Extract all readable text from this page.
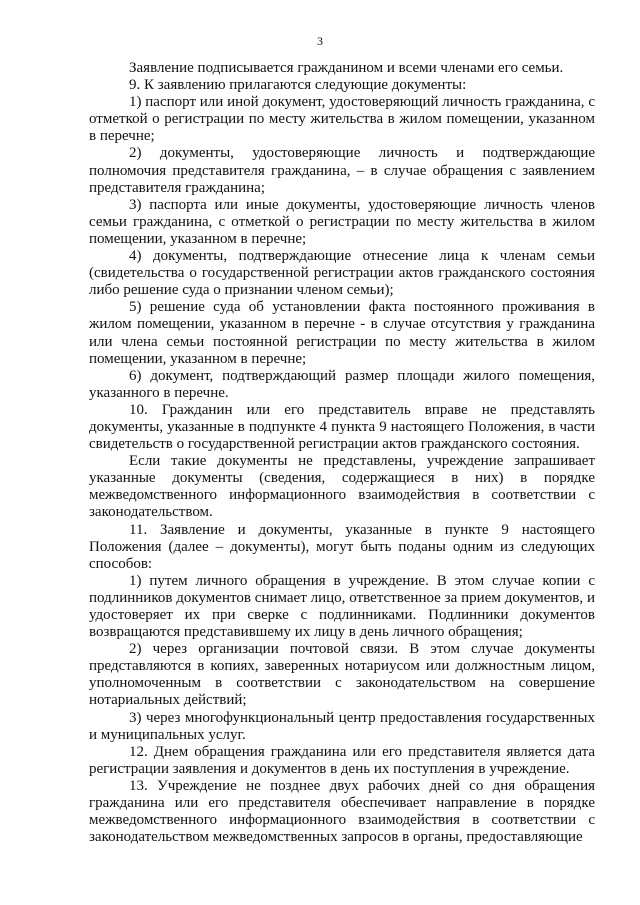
3

Заявление подписывается гражданином и всеми членами его семьи.

9. К заявлению прилагаются следующие документы:

1) паспорт или иной документ, удостоверяющий личность гражданина, с отметкой о регистрации по месту жительства в жилом помещении, указанном в перечне;

2) документы, удостоверяющие личность и подтверждающие полномочия представителя гражданина, – в случае обращения с заявлением представителя гражданина;

3) паспорта или иные документы, удостоверяющие личность членов семьи гражданина, с отметкой о регистрации по месту жительства в жилом помещении, указанном в перечне;

4) документы, подтверждающие отнесение лица к членам семьи (свидетельства о государственной регистрации актов гражданского состояния либо решение суда о признании членом семьи);

5) решение суда об установлении факта постоянного проживания в жилом помещении, указанном в перечне - в случае отсутствия у гражданина или члена семьи постоянной регистрации по месту жительства в жилом помещении, указанном в перечне;

6) документ, подтверждающий размер площади жилого помещения, указанного в перечне.

10. Гражданин или его представитель вправе не представлять документы, указанные в подпункте 4 пункта 9 настоящего Положения, в части свидетельств о государственной регистрации актов гражданского состояния.

Если такие документы не представлены, учреждение запрашивает указанные документы (сведения, содержащиеся в них) в порядке межведомственного информационного взаимодействия в соответствии с законодательством.

11. Заявление и документы, указанные в пункте 9 настоящего Положения (далее – документы), могут быть поданы одним из следующих способов:

1) путем личного обращения в учреждение. В этом случае копии с подлинников документов снимает лицо, ответственное за прием документов, и удостоверяет их при сверке с подлинниками. Подлинники документов возвращаются представившему их лицу в день личного обращения;

2) через организации почтовой связи. В этом случае документы представляются в копиях, заверенных нотариусом или должностным лицом, уполномоченным в соответствии с законодательством на совершение нотариальных действий;

3) через многофункциональный центр предоставления государственных и муниципальных услуг.

12. Днем обращения гражданина или его представителя является дата регистрации заявления и документов в день их поступления в учреждение.

13. Учреждение не позднее двух рабочих дней со дня обращения гражданина или его представителя обеспечивает направление в порядке межведомственного информационного взаимодействия в соответствии с законодательством межведомственных запросов в органы, предоставляющие
